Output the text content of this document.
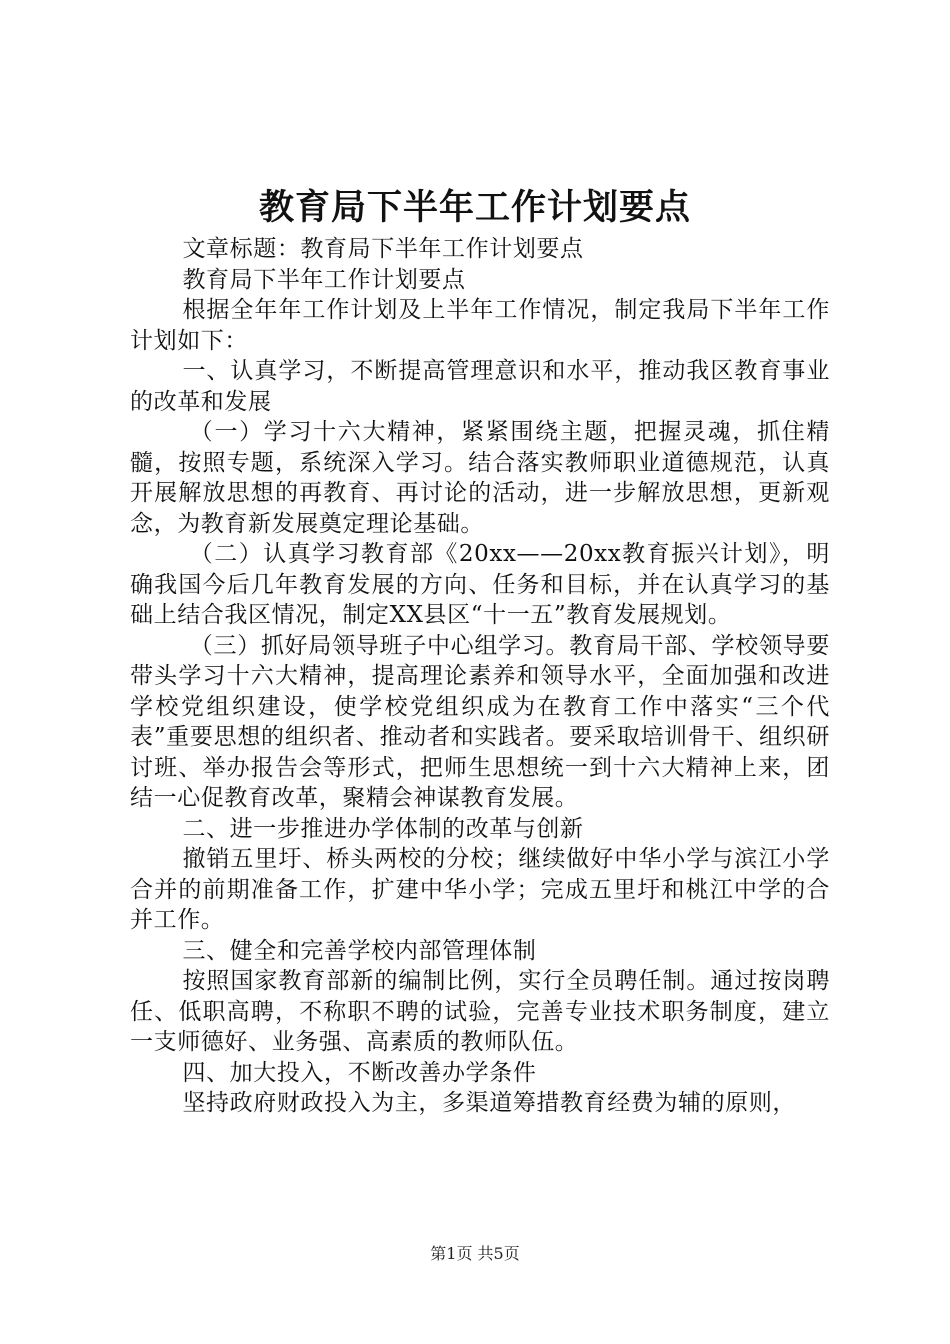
教育局下半年工作计划要点

文章标题：教育局下半年工作计划要点

教育局下半年工作计划要点

根据全年年工作计划及上半年工作情况，制定我局下半年工作计划如下：

一、认真学习，不断提高管理意识和水平，推动我区教育事业的改革和发展

（一）学习十六大精神，紧紧围绕主题，把握灵魂，抓住精髓，按照专题，系统深入学习。结合落实教师职业道德规范，认真开展解放思想的再教育、再讨论的活动，进一步解放思想，更新观念，为教育新发展奠定理论基础。

（二）认真学习教育部《20xx——20xx教育振兴计划》，明确我国今后几年教育发展的方向、任务和目标，并在认真学习的基础上结合我区情况，制定XX县区“十一五”教育发展规划。

（三）抓好局领导班子中心组学习。教育局干部、学校领导要带头学习十六大精神，提高理论素养和领导水平，全面加强和改进学校党组织建设，使学校党组织成为在教育工作中落实“三个代表”重要思想的组织者、推动者和实践者。要采取培训骨干、组织研讨班、举办报告会等形式，把师生思想统一到十六大精神上来，团结一心促教育改革，聚精会神谋教育发展。

二、进一步推进办学体制的改革与创新

撤销五里圩、桥头两校的分校；继续做好中华小学与滨江小学合并的前期准备工作，扩建中华小学；完成五里圩和桃江中学的合并工作。

三、健全和完善学校内部管理体制

按照国家教育部新的编制比例，实行全员聘任制。通过按岗聘任、低职高聘，不称职不聘的试验，完善专业技术职务制度，建立一支师德好、业务强、高素质的教师队伍。

四、加大投入，不断改善办学条件

坚持政府财政投入为主，多渠道筹措教育经费为辅的原则，

第1页 共5页
